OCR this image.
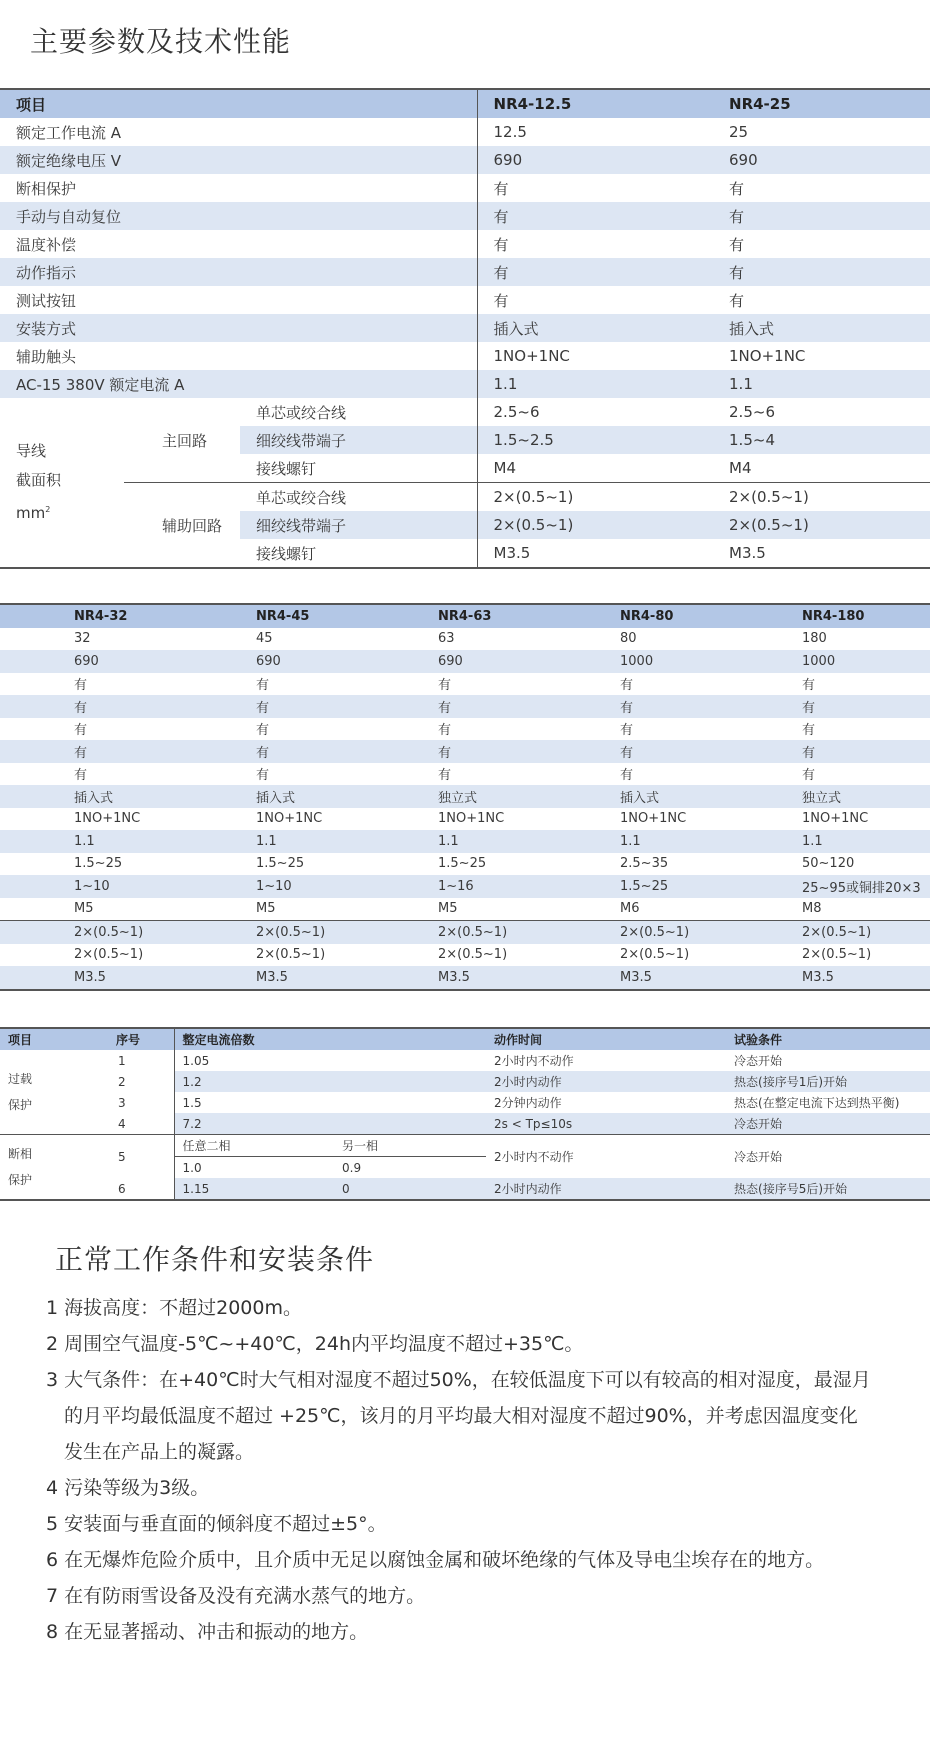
主要参数及技术性能
项目			NR4-12.5	NR4-25
额定工作电流 A			12.5	25
额定绝缘电压 V			690	690
断相保护			有	有
手动与自动复位			有	有
温度补偿			有	有
动作指示			有	有
测试按钮			有	有
安装方式			插入式	插入式
辅助触头			1NO+1NC	1NO+1NC
AC-15 380V 额定电流 A			1.1	1.1
导线
截面积
$mm^2$	主回路	单芯或绞合线	2.5~6	2.5~6
		细绞线带端子	1.5~2.5	1.5~4
		接线螺钉	M4	M4
	辅助回路	单芯或绞合线	2×(0.5~1)	2×(0.5~1)
		细绞线带端子	2×(0.5~1)	2×(0.5~1)
		接线螺钉	M3.5	M3.5
NR4-32	NR4-45	NR4-63	NR4-80	NR4-180
32	45	63	80	180
690	690	690	1000	1000
有	有	有	有	有
有	有	有	有	有
有	有	有	有	有
有	有	有	有	有
有	有	有	有	有
插入式	插入式	独立式	插入式	独立式
1NO+1NC	1NO+1NC	1NO+1NC	1NO+1NC	1NO+1NC
1.1	1.1	1.1	1.1	1.1
1.5~25	1.5~25	1.5~25	2.5~35	50~120
1~10	1~10	1~16	1.5~25	25~95或铜排20×3
M5	M5	M5	M6	M8
2×(0.5~1)	2×(0.5~1)	2×(0.5~1)	2×(0.5~1)	2×(0.5~1)
2×(0.5~1)	2×(0.5~1)	2×(0.5~1)	2×(0.5~1)	2×(0.5~1)
M3.5	M3.5	M3.5	M3.5	M3.5
项目	序号	整定电流倍数		动作时间	试验条件
过载
保护	1	1.05		2小时内不动作	冷态开始
	2	1.2		2小时内动作	热态(接序号1后)开始
	3	1.5		2分钟内动作	热态(在整定电流下达到热平衡)
	4	7.2		2s < Tp≤10s	冷态开始
断相
保护	5	任意二相	另一相	2小时内不动作	冷态开始
		1.0	0.9		
	6	1.15	0	2小时内动作	热态(接序号5后)开始
正常工作条件和安装条件
1 海拔高度：不超过2000m。
2 周围空气温度-5℃~+40℃，24h内平均温度不超过+35℃。
3 大气条件：在+40℃时大气相对湿度不超过50%，在较低温度下可以有较高的相对湿度，最湿月的月平均最低温度不超过 +25℃，该月的月平均最大相对湿度不超过90%，并考虑因温度变化发生在产品上的凝露。
4 污染等级为3级。
5 安装面与垂直面的倾斜度不超过±5°。
6 在无爆炸危险介质中，且介质中无足以腐蚀金属和破坏绝缘的气体及导电尘埃存在的地方。
7 在有防雨雪设备及没有充满水蒸气的地方。
8 在无显著摇动、冲击和振动的地方。
